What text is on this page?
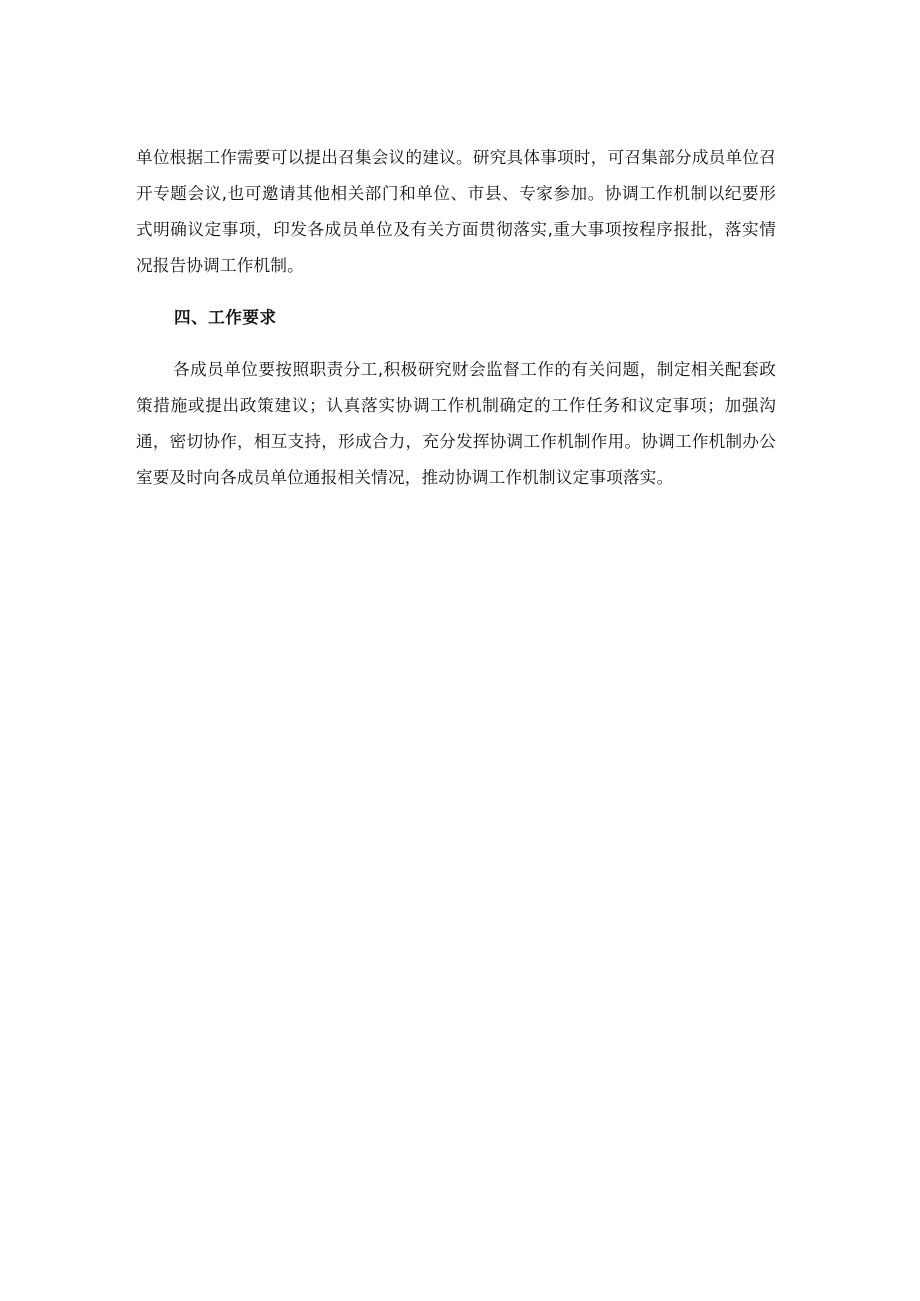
单位根据工作需要可以提出召集会议的建议。研究具体事项时，可召集部分成员单位召开专题会议,也可邀请其他相关部门和单位、市县、专家参加。协调工作机制以纪要形式明确议定事项，印发各成员单位及有关方面贯彻落实,重大事项按程序报批，落实情况报告协调工作机制。

四、工作要求

各成员单位要按照职责分工,积极研究财会监督工作的有关问题，制定相关配套政策措施或提出政策建议；认真落实协调工作机制确定的工作任务和议定事项；加强沟通，密切协作，相互支持，形成合力，充分发挥协调工作机制作用。协调工作机制办公室要及时向各成员单位通报相关情况，推动协调工作机制议定事项落实。
